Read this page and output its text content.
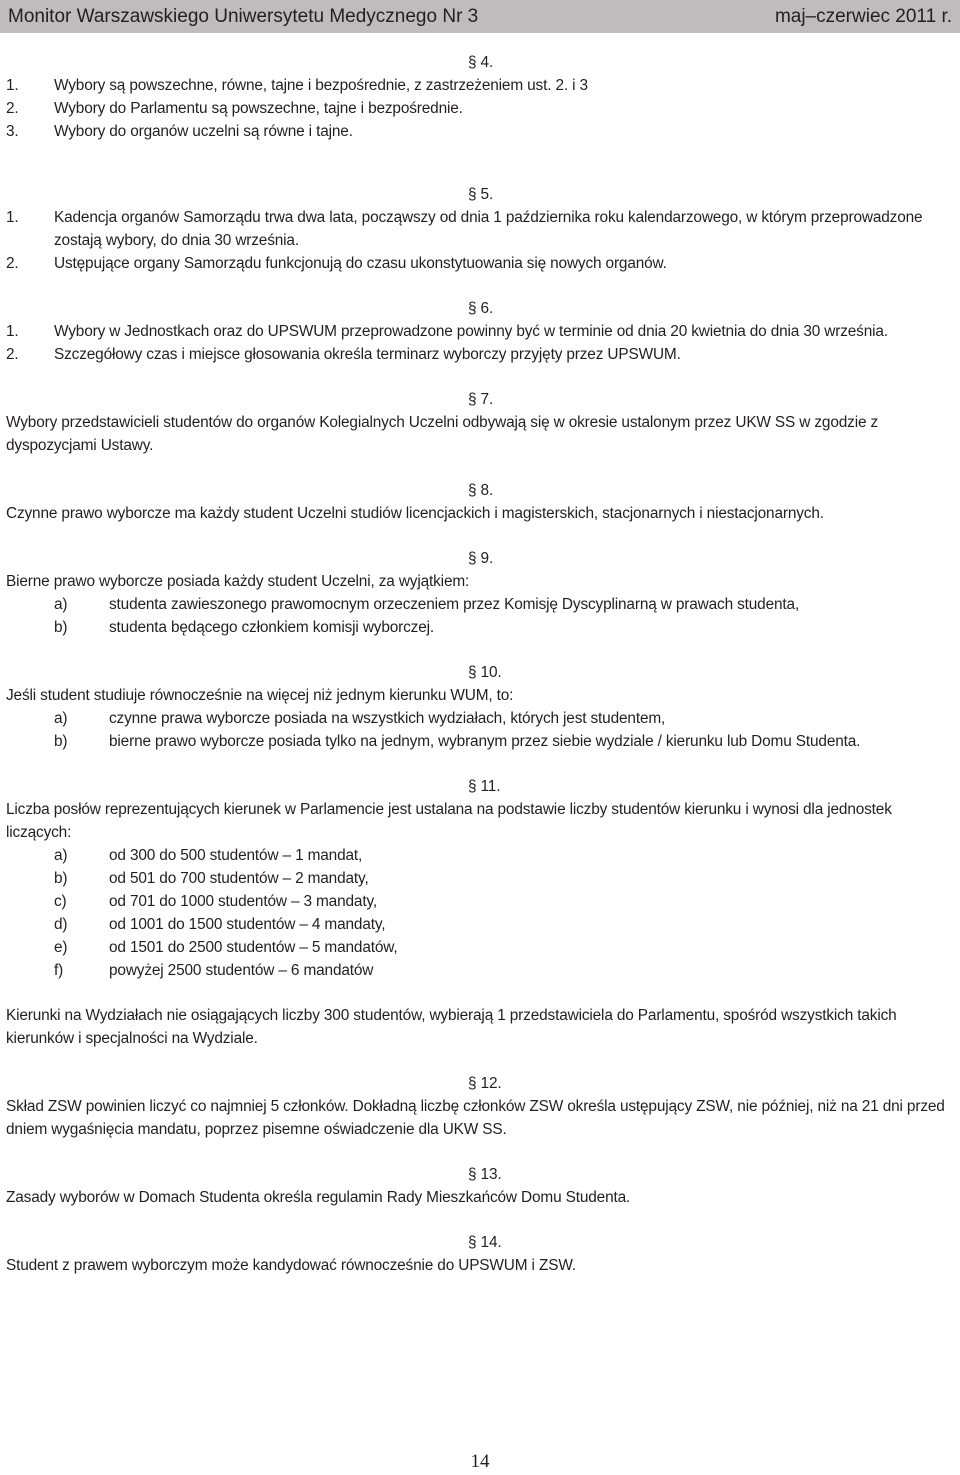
Monitor Warszawskiego Uniwersytetu Medycznego Nr 3	maj–czerwiec 2011 r.
§ 4.
1.	Wybory są powszechne, równe, tajne i bezpośrednie, z zastrzeżeniem ust. 2. i 3
2.	Wybory do Parlamentu są powszechne, tajne i bezpośrednie.
3.	Wybory do organów uczelni są równe i tajne.
§ 5.
1.	Kadencja organów Samorządu trwa dwa lata, począwszy od dnia 1 października roku kalendarzowego, w którym przeprowadzone zostają wybory, do dnia 30 września.
2.	Ustępujące organy Samorządu funkcjonują do czasu ukonstytuowania się nowych organów.
§ 6.
1.	Wybory w Jednostkach oraz do UPSWUM przeprowadzone powinny być w terminie od dnia 20 kwietnia do dnia 30 września.
2.	Szczegółowy czas i miejsce głosowania określa terminarz wyborczy przyjęty przez UPSWUM.
§ 7.

Wybory przedstawicieli studentów do organów Kolegialnych Uczelni odbywają się w okresie ustalonym przez UKW SS w zgodzie z dyspozycjami Ustawy.

§ 8.

Czynne prawo wyborcze ma każdy student Uczelni studiów licencjackich i magisterskich, stacjonarnych i niestacjonarnych.

§ 9.

Bierne prawo wyborcze posiada każdy student Uczelni, za wyjątkiem:

a)	studenta zawieszonego prawomocnym orzeczeniem przez Komisję Dyscyplinarną w prawach studenta,
b)	studenta będącego członkiem komisji wyborczej.
§ 10.

Jeśli student studiuje równocześnie na więcej niż jednym kierunku WUM, to:

a)	czynne prawa wyborcze posiada na wszystkich wydziałach, których jest studentem,
b)	bierne prawo wyborcze posiada tylko na jednym, wybranym przez siebie wydziale / kierunku lub Domu Studenta.
§ 11.

Liczba posłów reprezentujących kierunek w Parlamencie jest ustalana na podstawie liczby studentów kierunku i wynosi dla jednostek liczących:

a)	od 300 do 500 studentów – 1 mandat,
b)	od 501 do 700 studentów – 2 mandaty,
c)	od 701 do 1000 studentów – 3 mandaty,
d)	od 1001 do 1500 studentów – 4 mandaty,
e)	od 1501 do 2500 studentów – 5 mandatów,
f)	powyżej 2500 studentów – 6 mandatów

Kierunki na Wydziałach nie osiągających liczby 300 studentów, wybierają 1 przedstawiciela do Parlamentu, spośród wszystkich takich kierunków i specjalności na Wydziale.

§ 12.

Skład ZSW powinien liczyć co najmniej 5 członków. Dokładną liczbę członków ZSW określa ustępujący ZSW, nie później, niż na 21 dni przed dniem wygaśnięcia mandatu, poprzez pisemne oświadczenie dla UKW SS.

§ 13.

Zasady wyborów w Domach Studenta określa regulamin Rady Mieszkańców Domu Studenta.

§ 14.

Student z prawem wyborczym może kandydować równocześnie do UPSWUM i ZSW.

14
